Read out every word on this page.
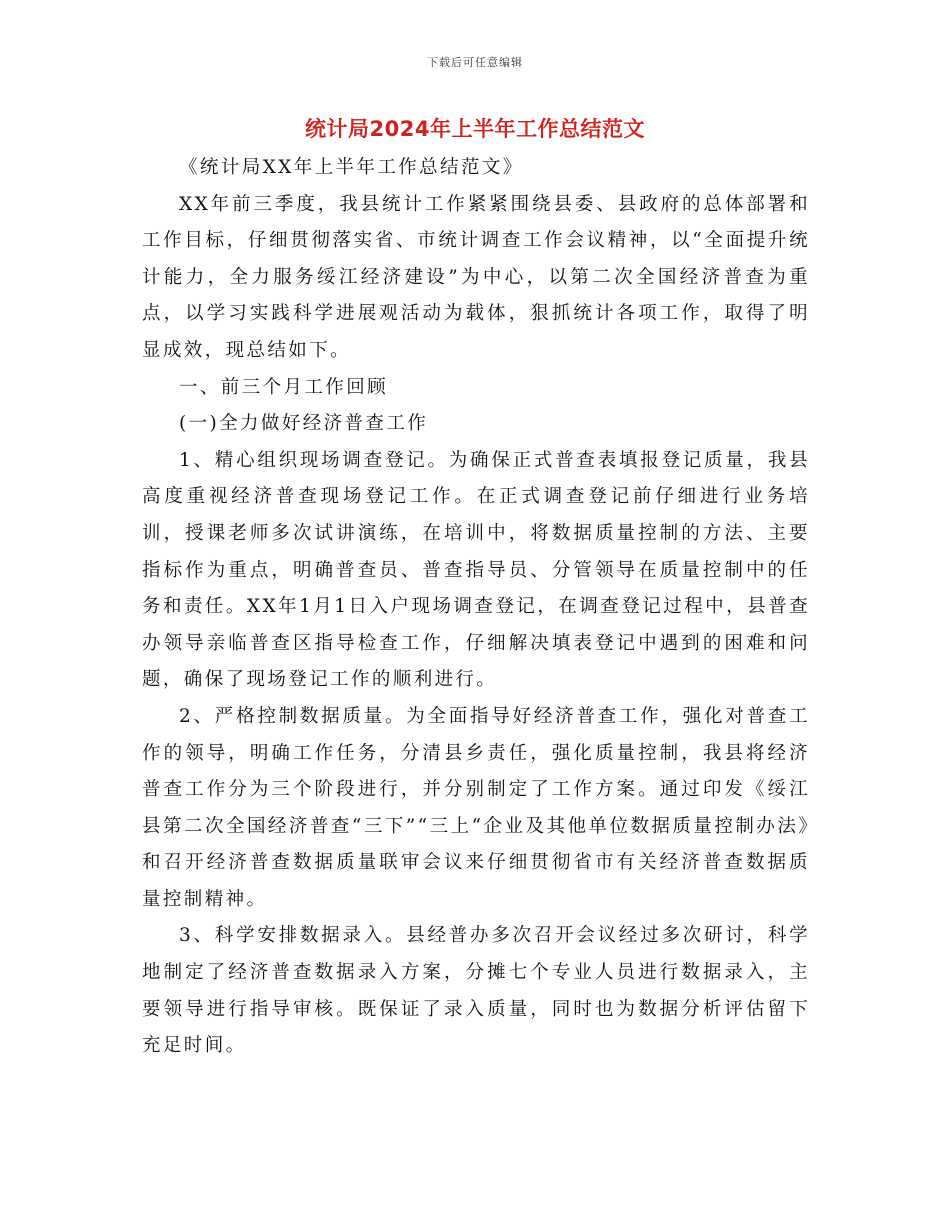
下载后可任意编辑
统计局2024年上半年工作总结范文

《统计局XX年上半年工作总结范文》

XX年前三季度，我县统计工作紧紧围绕县委、县政府的总体部署和工作目标，仔细贯彻落实省、市统计调查工作会议精神，以“全面提升统计能力，全力服务绥江经济建设”为中心，以第二次全国经济普查为重点，以学习实践科学进展观活动为载体，狠抓统计各项工作，取得了明显成效，现总结如下。

一、前三个月工作回顾

(一)全力做好经济普查工作

1、精心组织现场调查登记。为确保正式普查表填报登记质量，我县高度重视经济普查现场登记工作。在正式调查登记前仔细进行业务培训，授课老师多次试讲演练，在培训中，将数据质量控制的方法、主要指标作为重点，明确普查员、普查指导员、分管领导在质量控制中的任务和责任。XX年1月1日入户现场调查登记，在调查登记过程中，县普查办领导亲临普查区指导检查工作，仔细解决填表登记中遇到的困难和问题，确保了现场登记工作的顺利进行。

2、严格控制数据质量。为全面指导好经济普查工作，强化对普查工作的领导，明确工作任务，分清县乡责任，强化质量控制，我县将经济普查工作分为三个阶段进行，并分别制定了工作方案。通过印发《绥江县第二次全国经济普查“三下”“三上“企业及其他单位数据质量控制办法》和召开经济普查数据质量联审会议来仔细贯彻省市有关经济普查数据质量控制精神。

3、科学安排数据录入。县经普办多次召开会议经过多次研讨，科学地制定了经济普查数据录入方案，分摊七个专业人员进行数据录入，主要领导进行指导审核。既保证了录入质量，同时也为数据分析评估留下充足时间。
